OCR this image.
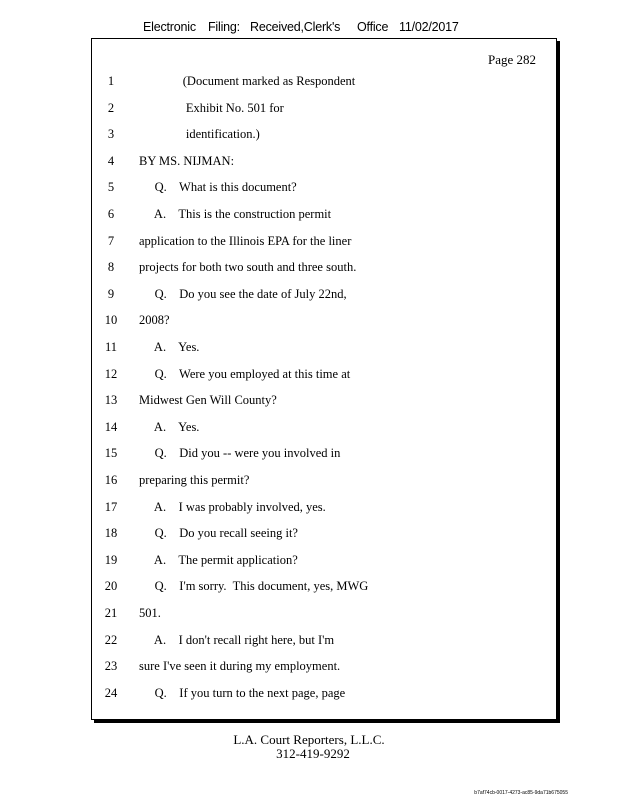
Electronic

Filing:

Received,Clerk's

Office

11/02/2017

Page 282
1	(Document marked as Respondent
2	Exhibit No. 501 for
3	identification.)
4	BY MS. NIJMAN:
5	Q.    What is this document?
6	A.    This is the construction permit
7	application to the Illinois EPA for the liner
8	projects for both two south and three south.
9	Q.    Do you see the date of July 22nd,
10	2008?
11	A.    Yes.
12	Q.    Were you employed at this time at
13	Midwest Gen Will County?
14	A.    Yes.
15	Q.    Did you -- were you involved in
16	preparing this permit?
17	A.    I was probably involved, yes.
18	Q.    Do you recall seeing it?
19	A.    The permit application?
20	Q.    I'm sorry.  This document, yes, MWG
21	501.
22	A.    I don't recall right here, but I'm
23	sure I've seen it during my employment.
24	Q.    If you turn to the next page, page
L.A. Court Reporters, L.L.C.
312-419-9292
b7af74cb-0017-4273-ac85-9da71b675055
